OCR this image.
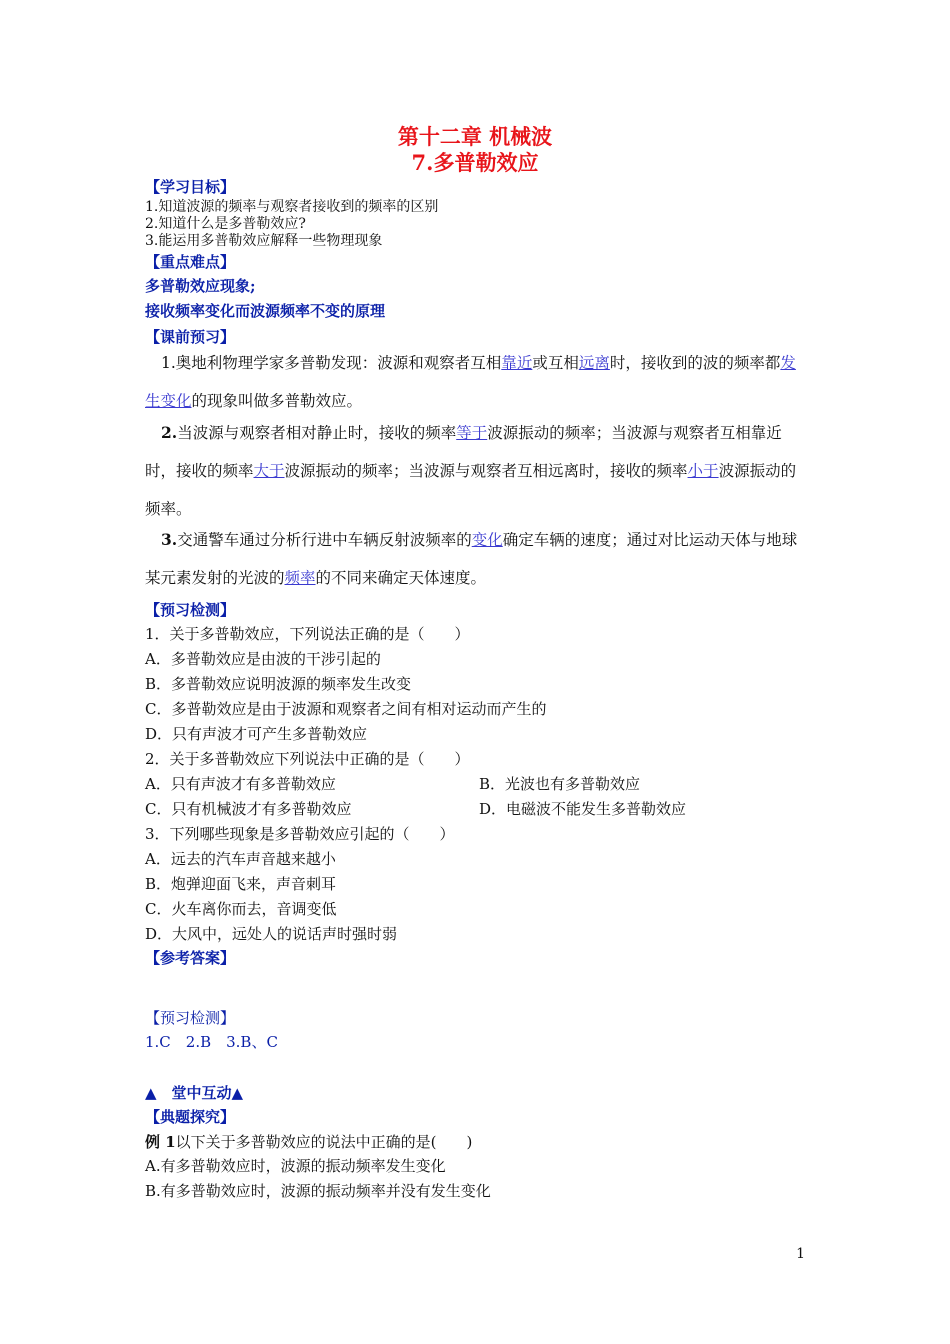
第十二章 机械波
7.多普勒效应
【学习目标】
1.知道波源的频率与观察者接收到的频率的区别
2.知道什么是多普勒效应?
3.能运用多普勒效应解释一些物理现象
【重点难点】
多普勒效应现象;
接收频率变化而波源频率不变的原理
【课前预习】
1.奥地利物理学家多普勒发现：波源和观察者互相靠近或互相远离时，接收到的波的频率都发生变化的现象叫做多普勒效应。
2.当波源与观察者相对静止时，接收的频率等于波源振动的频率；当波源与观察者互相靠近时，接收的频率大于波源振动的频率；当波源与观察者互相远离时，接收的频率小于波源振动的频率。
3.交通警车通过分析行进中车辆反射波频率的变化确定车辆的速度；通过对比运动天体与地球某元素发射的光波的频率的不同来确定天体速度。
【预习检测】
1．关于多普勒效应，下列说法正确的是（　　）
A．多普勒效应是由波的干涉引起的
B．多普勒效应说明波源的频率发生改变
C．多普勒效应是由于波源和观察者之间有相对运动而产生的
D．只有声波才可产生多普勒效应
2．关于多普勒效应下列说法中正确的是（　　）
A．只有声波才有多普勒效应	B．光波也有多普勒效应
C．只有机械波才有多普勒效应	D．电磁波不能发生多普勒效应
3．下列哪些现象是多普勒效应引起的（　　）
A．远去的汽车声音越来越小
B．炮弹迎面飞来，声音刺耳
C．火车离你而去，音调变低
D．大风中，远处人的说话声时强时弱
【参考答案】
【预习检测】
1.C　2.B　3.B、C
▲　堂中互动▲
【典题探究】
例 1以下关于多普勒效应的说法中正确的是(　　)
A.有多普勒效应时，波源的振动频率发生变化
B.有多普勒效应时，波源的振动频率并没有发生变化
1
